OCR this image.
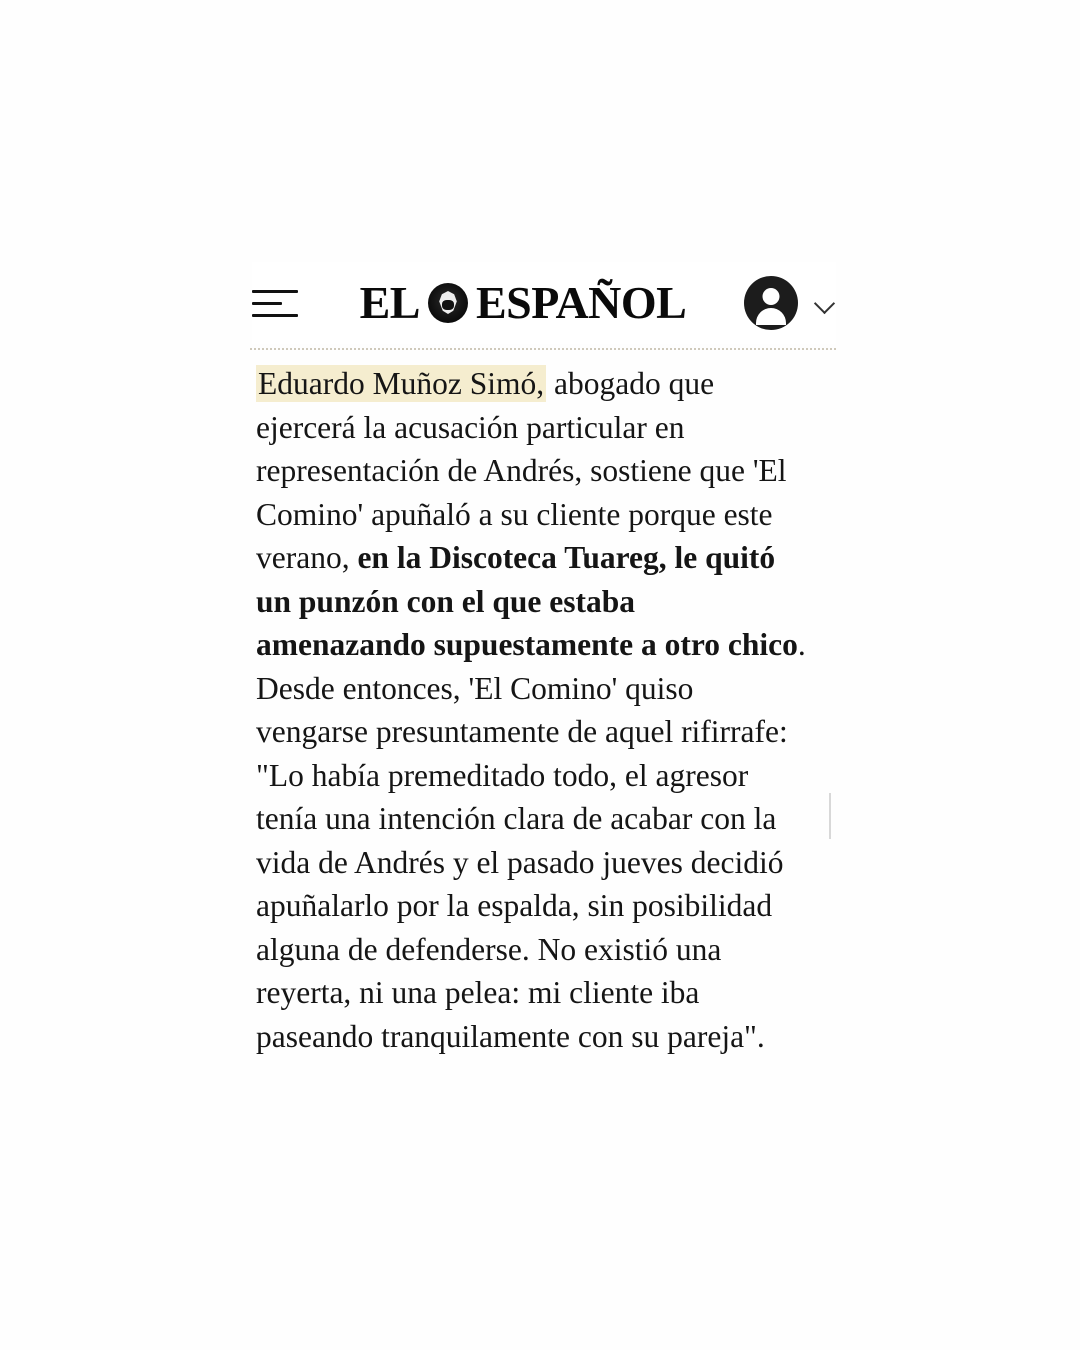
EL ESPAÑOL

Eduardo Muñoz Simó, abogado que ejercerá la acusación particular en representación de Andrés, sostiene que 'El Comino' apuñaló a su cliente porque este verano, en la Discoteca Tuareg, le quitó un punzón con el que estaba amenazando supuestamente a otro chico. Desde entonces, 'El Comino' quiso vengarse presuntamente de aquel rifirrafe: "Lo había premeditado todo, el agresor tenía una intención clara de acabar con la vida de Andrés y el pasado jueves decidió apuñalarlo por la espalda, sin posibilidad alguna de defenderse. No existió una reyerta, ni una pelea: mi cliente iba paseando tranquilamente con su pareja".
